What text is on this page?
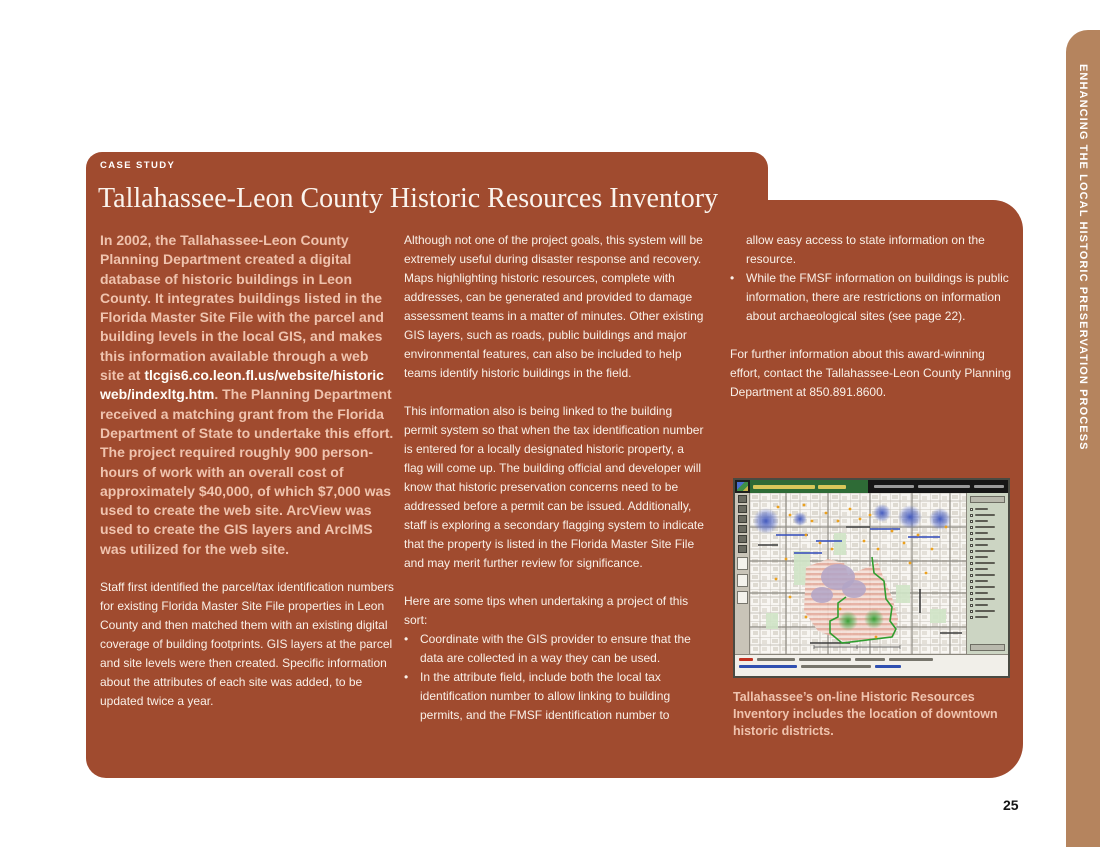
CASE STUDY
Tallahassee-Leon County Historic Resources Inventory

In 2002, the Tallahassee-Leon County Planning Department created a digital database of historic buildings in Leon County. It integrates buildings listed in the Florida Master Site File with the parcel and building levels in the local GIS, and makes this information available through a web site at tlcgis6.co.leon.fl.us/website/historicweb/indexltg.htm. The Planning Department received a matching grant from the Florida Department of State to undertake this effort. The project required roughly 900 person-hours of work with an overall cost of approximately $40,000, of which $7,000 was used to create the web site. ArcView was used to create the GIS layers and ArcIMS was utilized for the web site.

Staff first identified the parcel/tax identification numbers for existing Florida Master Site File properties in Leon County and then matched them with an existing digital coverage of building footprints. GIS layers at the parcel and site levels were then created. Specific information about the attributes of each site was added, to be updated twice a year.

Although not one of the project goals, this system will be extremely useful during disaster response and recovery. Maps highlighting historic resources, complete with addresses, can be generated and provided to damage assessment teams in a matter of minutes. Other existing GIS layers, such as roads, public buildings and major environmental features, can also be included to help teams identify historic buildings in the field.

This information also is being linked to the building permit system so that when the tax identification number is entered for a locally designated historic property, a flag will come up. The building official and developer will know that historic preservation concerns need to be addressed before a permit can be issued. Additionally, staff is exploring a secondary flagging system to indicate that the property is listed in the Florida Master Site File and may merit further review for significance.

Here are some tips when undertaking a project of this sort:

• Coordinate with the GIS provider to ensure that the data are collected in a way they can be used.
• In the attribute field, include both the local tax identification number to allow linking to building permits, and the FMSF identification number to

allow easy access to state information on the resource.

• While the FMSF information on buildings is public information, there are restrictions on information about archaeological sites (see page 22).

For further information about this award-winning effort, contact the Tallahassee-Leon County Planning Department at 850.891.8600.

Tallahassee’s on-line Historic Resources Inventory includes the location of downtown historic districts.

ENHANCING THE LOCAL HISTORIC PRESERVATION PROCESS
25
